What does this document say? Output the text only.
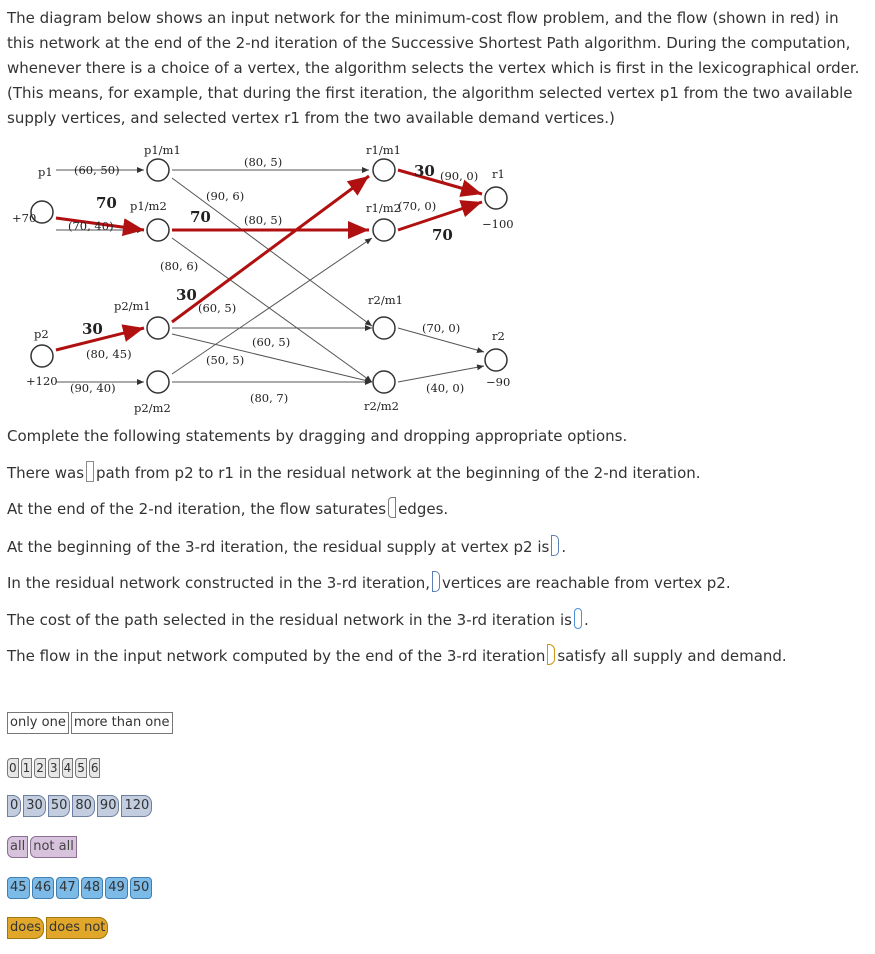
The diagram below shows an input network for the minimum-cost flow problem, and the flow (shown in red) in this network at the end of the 2-nd iteration of the Successive Shortest Path algorithm. During the computation, whenever there is a choice of a vertex, the algorithm selects the vertex which is first in the lexicographical order. (This means, for example, that during the first iteration, the algorithm selected vertex p1 from the two available supply vertices, and selected vertex r1 from the two available demand vertices.)

p1/m1
p1/m2
p2/m1
p2/m2
r1/m1
r1/m2
r2/m1
r2/m2
p1
+70
p2
+120
r1
−100
r2
−90
(60, 50)
(70, 40)
(80, 45)
(90, 40)
(80, 5)
(90, 6)
(80, 5)
(80, 6)
(60, 5)
(60, 5)
(50, 5)
(80, 7)
(90, 0)
(70, 0)
(70, 0)
(40, 0)
70
70
30
30
30
70
Complete the following statements by dragging and dropping appropriate options.
There was path from p2 to r1 in the residual network at the beginning of the 2-nd iteration.
At the end of the 2-nd iteration, the flow saturates edges.
At the beginning of the 3-rd iteration, the residual supply at vertex p2 is .
In the residual network constructed in the 3-rd iteration, vertices are reachable from vertex p2.
The cost of the path selected in the residual network in the 3-rd iteration is .
The flow in the input network computed by the end of the 3-rd iteration satisfy all supply and demand.
only one more than one
0 1 2 3 4 5 6
0 30 50 80 90 120
all not all
45 46 47 48 49 50
does does not
